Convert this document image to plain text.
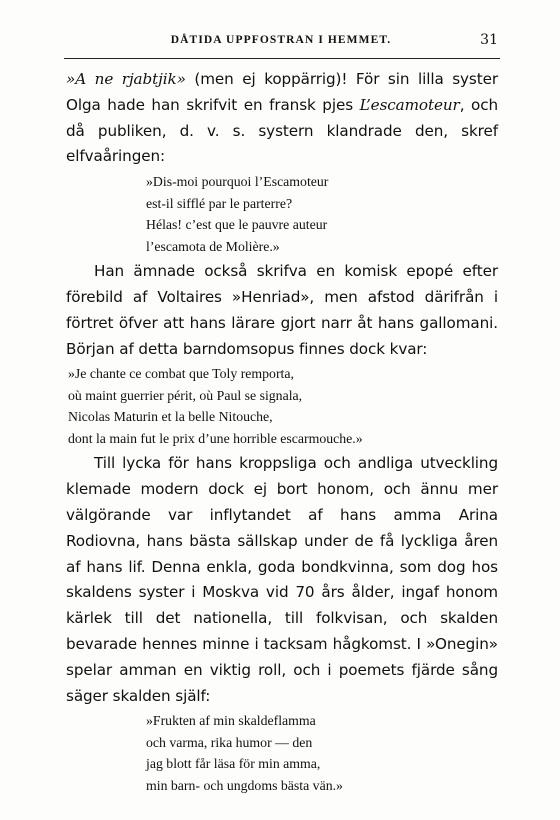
DÅTIDA UPPFOSTRAN I HEMMET.	31

»A ne rjabtjik» (men ej koppärrig)! För sin lilla syster Olga hade han skrifvit en fransk pjes L’escamoteur, och då publiken, d. v. s. systern klandrade den, skref elfvaåringen:

»Dis-moi pourquoi l’Escamoteur
est-il sifflé par le parterre?
Hélas! c’est que le pauvre auteur
l’escamota de Molière.»

Han ämnade också skrifva en komisk epopé efter förebild af Voltaires »Henriad», men afstod därifrån i förtret öfver att hans lärare gjort narr åt hans gallomani. Början af detta barndomsopus finnes dock kvar:

»Je chante ce combat que Toly remporta,
où maint guerrier périt, où Paul se signala,
Nicolas Maturin et la belle Nitouche,
dont la main fut le prix d’une horrible escarmouche.»

Till lycka för hans kroppsliga och andliga utveckling klemade modern dock ej bort honom, och ännu mer välgörande var inflytandet af hans amma Arina Rodiovna, hans bästa sällskap under de få lyckliga åren af hans lif. Denna enkla, goda bondkvinna, som dog hos skaldens syster i Moskva vid 70 års ålder, ingaf honom kärlek till det nationella, till folkvisan, och skalden bevarade hennes minne i tacksam hågkomst. I »Onegin» spelar amman en viktig roll, och i poemets fjärde sång säger skalden själf:

»Frukten af min skaldeflamma
och varma, rika humor — den
jag blott får läsa för min amma,
min barn- och ungdoms bästa vän.»
